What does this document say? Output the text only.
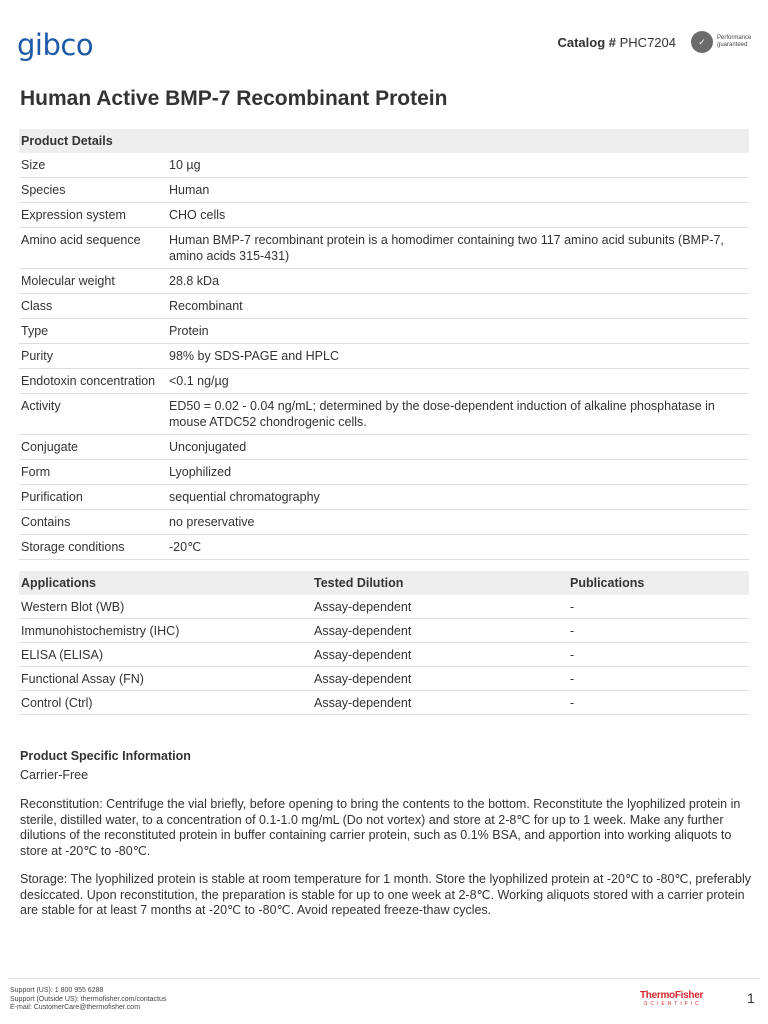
gibco	Catalog # PHC7204	✓	Performance guaranteed
Human Active BMP-7 Recombinant Protein
Product Details	
Size	10 µg
Species	Human
Expression system	CHO cells
Amino acid sequence	Human BMP-7 recombinant protein is a homodimer containing two 117 amino acid subunits (BMP-7, amino acids 315-431)
Molecular weight	28.8 kDa
Class	Recombinant
Type	Protein
Purity	98% by SDS-PAGE and HPLC
Endotoxin concentration	<0.1 ng/µg
Activity	ED50 = 0.02 - 0.04 ng/mL; determined by the dose-dependent induction of alkaline phosphatase in mouse ATDC52 chondrogenic cells.
Conjugate	Unconjugated
Form	Lyophilized
Purification	sequential chromatography
Contains	no preservative
Storage conditions	-20℃
Applications	Tested Dilution	Publications
Western Blot (WB)	Assay-dependent	-
Immunohistochemistry (IHC)	Assay-dependent	-
ELISA (ELISA)	Assay-dependent	-
Functional Assay (FN)	Assay-dependent	-
Control (Ctrl)	Assay-dependent	-
Product Specific Information

Carrier-Free

Reconstitution: Centrifuge the vial briefly, before opening to bring the contents to the bottom. Reconstitute the lyophilized protein in sterile, distilled water, to a concentration of 0.1-1.0 mg/mL (Do not vortex) and store at 2-8℃ for up to 1 week. Make any further dilutions of the reconstituted protein in buffer containing carrier protein, such as 0.1% BSA, and apportion into working aliquots to store at -20℃ to -80℃.

Storage: The lyophilized protein is stable at room temperature for 1 month. Store the lyophilized protein at -20℃ to -80℃, preferably desiccated. Upon reconstitution, the preparation is stable for up to one week at 2-8℃. Working aliquots stored with a carrier protein are stable for at least 7 months at -20℃ to -80℃. Avoid repeated freeze-thaw cycles.

Support (US): 1 800 955 6288
Support (Outside US): thermofisher.com/contactus
E-mail: CustomerCare@thermofisher.com
ThermoFisher
SCIENTIFIC	1
